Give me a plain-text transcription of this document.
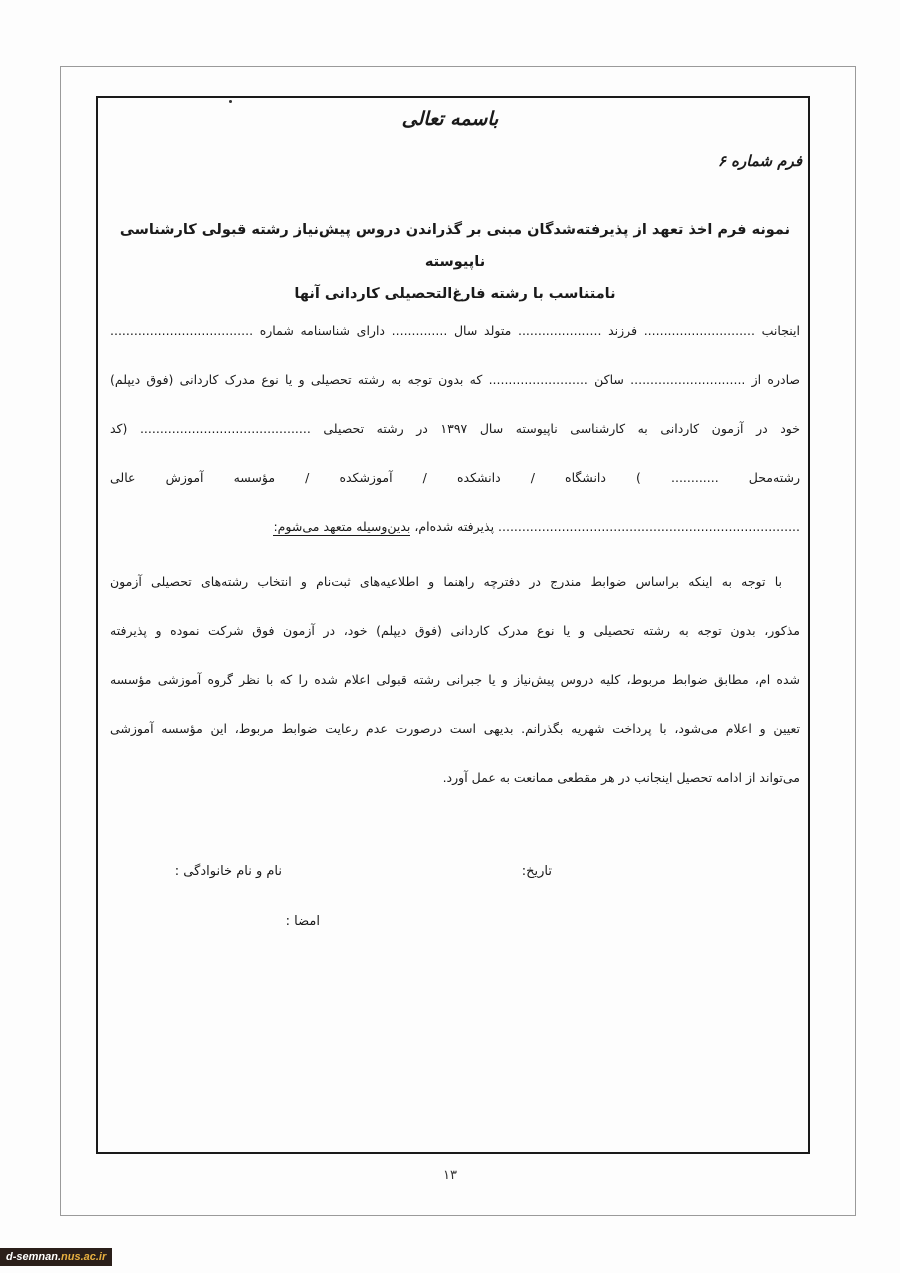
باسمه تعالی
فرم شماره ۶
نمونه فرم اخذ تعهد از پذیرفته‌شدگان مبنی بر گذراندن دروس پیش‌نیاز رشته قبولی کارشناسی ناپیوسته
نامتناسب با رشته فارغ‌التحصیلی کاردانی آنها
اینجانب ............................ فرزند ..................... متولد سال .............. دارای شناسنامه شماره ....................................
صادره از ............................. ساکن ......................... که بدون توجه به رشته تحصیلی و یا نوع مدرک کاردانی (فوق دیپلم)
خود در آزمون کاردانی به کارشناسی ناپیوسته سال ۱۳۹۷ در رشته تحصیلی ........................................... (کد
رشته‌محل ............ ) دانشگاه / دانشکده / آموزشکده / مؤسسه آموزش عالی
............................................................................ پذیرفته شده‌ام، بدین‌وسیله متعهد می‌شوم:
با توجه به اینکه براساس ضوابط مندرج در دفترچه راهنما و اطلاعیه‌های ثبت‌نام و انتخاب رشته‌های تحصیلی آزمون
مذکور، بدون توجه به رشته تحصیلی و یا نوع مدرک کاردانی (فوق دیپلم) خود، در آزمون فوق شرکت نموده و پذیرفته
شده ام، مطابق ضوابط مربوط، کلیه دروس پیش‌نیاز و یا جبرانی رشته قبولی اعلام شده را که با نظر گروه آموزشی مؤسسه
تعیین و اعلام می‌شود، با پرداخت شهریه بگذرانم. بدیهی است درصورت عدم رعایت ضوابط مربوط، این مؤسسه آموزشی
می‌تواند از ادامه تحصیل اینجانب در هر مقطعی ممانعت به عمل آورد.
تاریخ:
نام و نام خانوادگی :
امضا :
۱۳
d-semnan.nus.ac.ir
